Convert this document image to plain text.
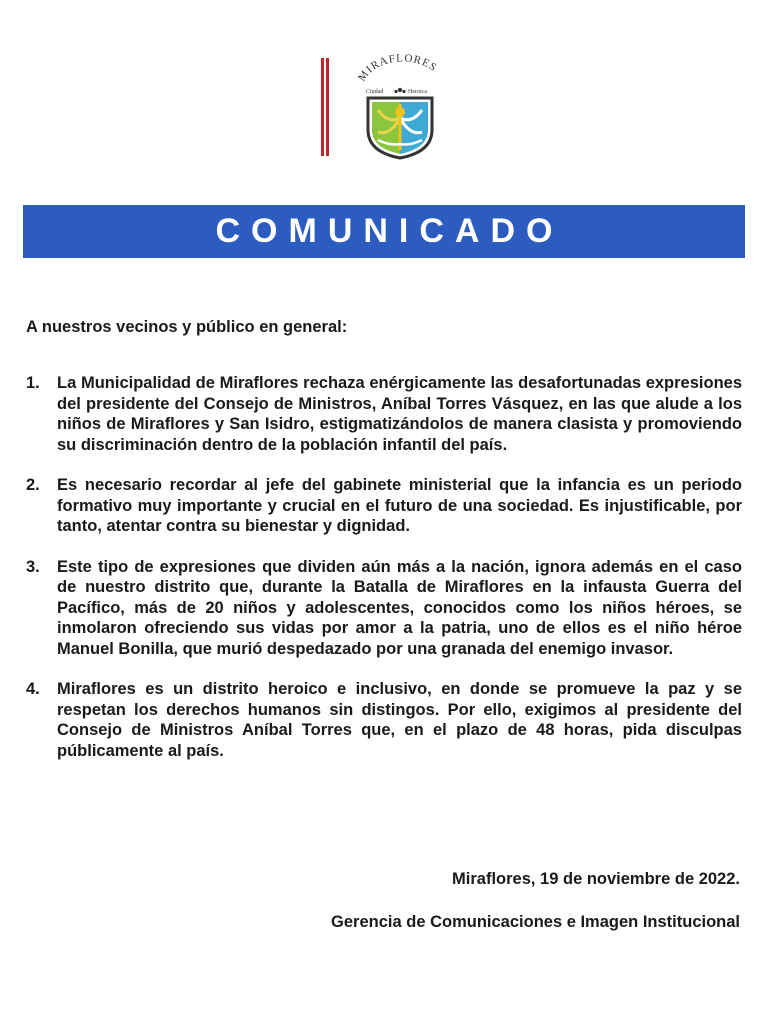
MIRAFLORES
Ciudad	Heroica
COMUNICADO
A nuestros vecinos y público en general:
1.	La Municipalidad de Miraflores rechaza enérgicamente las desafortunadas expresiones del presidente del Consejo de Ministros, Aníbal Torres Vásquez, en las que alude a los niños de Miraflores y San Isidro, estigmatizándolos de manera clasista y promoviendo su discriminación dentro de la población infantil del país.
2.	Es necesario recordar al jefe del gabinete ministerial que la infancia es un periodo formativo muy importante y crucial en el futuro de una sociedad. Es injustificable, por tanto, atentar contra su bienestar y dignidad.
3.	Este tipo de expresiones que dividen aún más a la nación, ignora además en el caso de nuestro distrito que, durante la Batalla de Miraflores en la infausta Guerra del Pacífico, más de 20 niños y adolescentes, conocidos como los niños héroes, se inmolaron ofreciendo sus vidas por amor a la patria, uno de ellos es el niño héroe Manuel Bonilla, que murió despedazado por una granada del enemigo invasor.
4.	Miraflores es un distrito heroico e inclusivo, en donde se promueve la paz y se respetan los derechos humanos sin distingos. Por ello, exigimos al presidente del Consejo de Ministros Aníbal Torres que, en el plazo de 48 horas, pida disculpas públicamente al país.
Miraflores, 19 de noviembre de 2022.
Gerencia de Comunicaciones e Imagen Institucional
